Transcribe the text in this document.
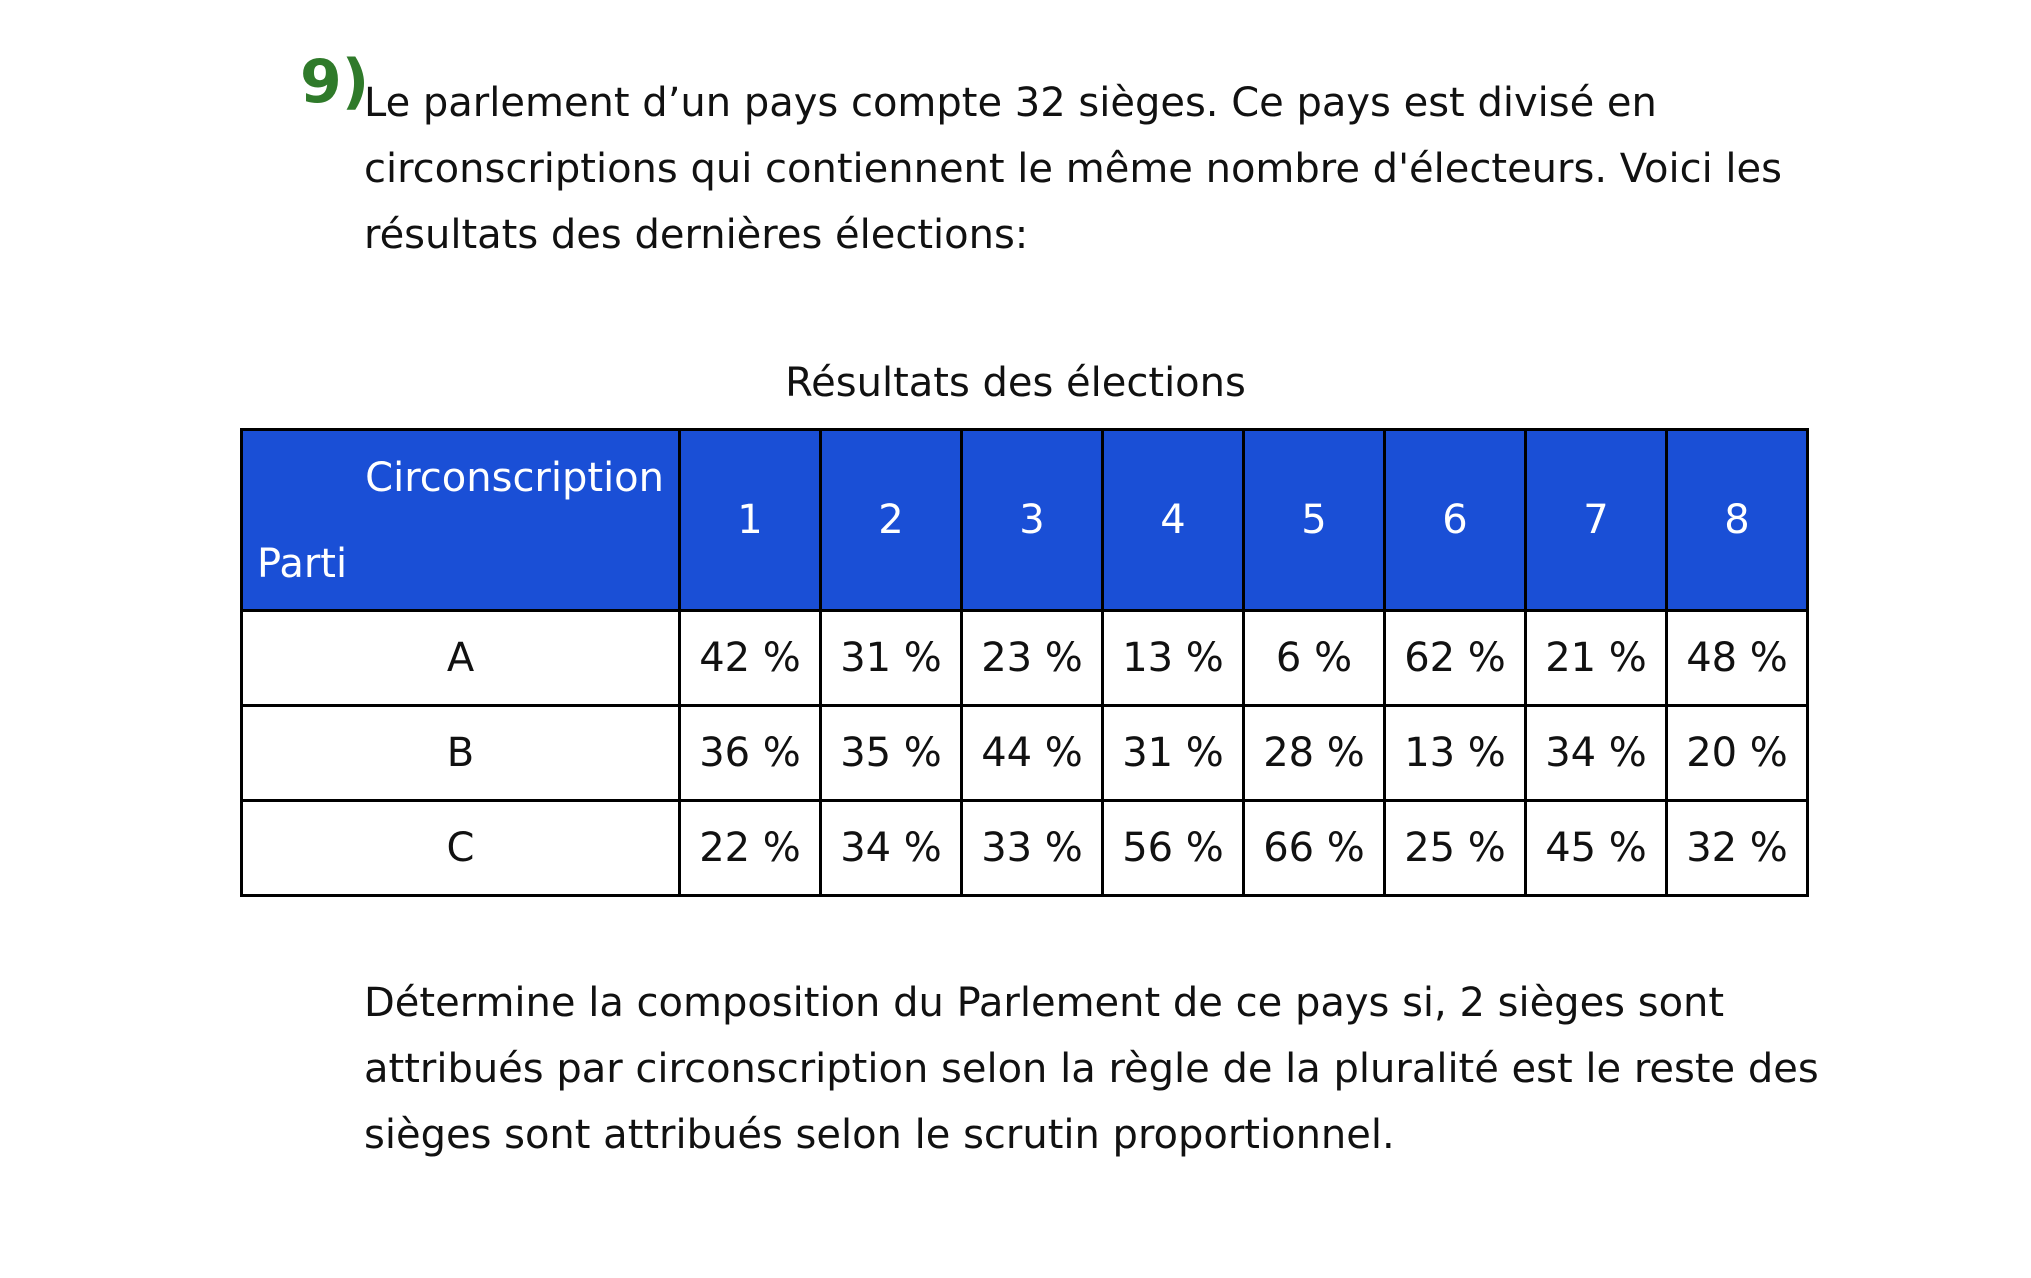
9)

Le parlement d’un pays compte 32 sièges. Ce pays est divisé en

circonscriptions qui contiennent le même nombre d'électeurs. Voici les

résultats des dernières élections:

Résultats des élections
Circonscription
Parti	1	2	3	4	5	6	7	8
A	42 %	31 %	23 %	13 %	6 %	62 %	21 %	48 %
B	36 %	35 %	44 %	31 %	28 %	13 %	34 %	20 %
C	22 %	34 %	33 %	56 %	66 %	25 %	45 %	32 %

Détermine la composition du Parlement de ce pays si, 2 sièges sont

attribués par circonscription selon la règle de la pluralité est le reste des

sièges sont attribués selon le scrutin proportionnel.
